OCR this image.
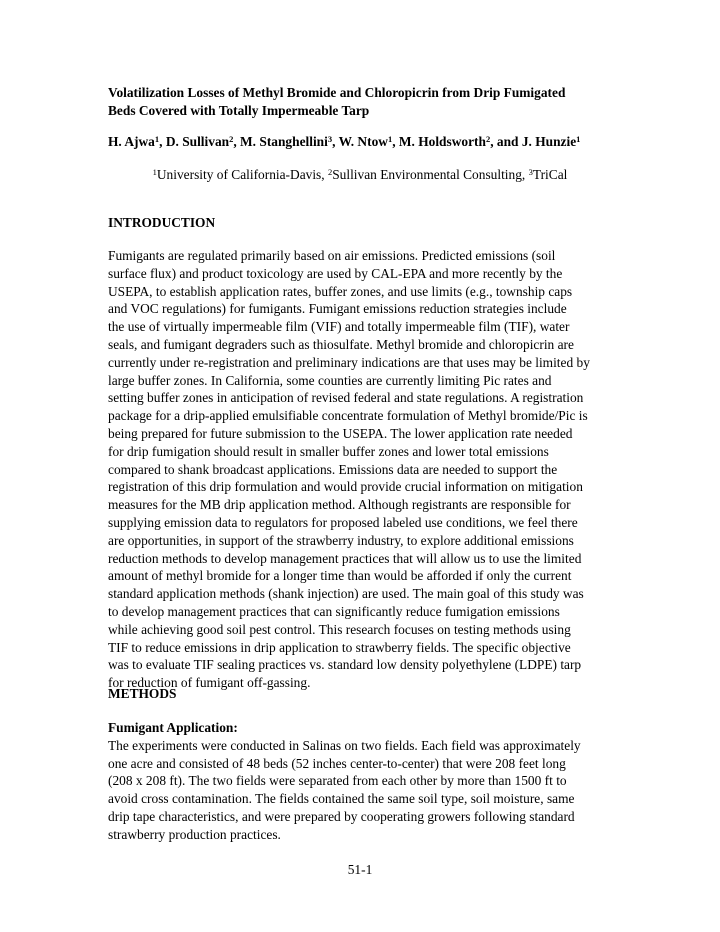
Volatilization Losses of Methyl Bromide and Chloropicrin from Drip Fumigated
Beds Covered with Totally Impermeable Tarp
H. Ajwa$^1$, D. Sullivan$^2$, M. Stanghellini$^3$, W. Ntow$^1$, M. Holdsworth$^2$, and J. Hunzie$^1$
$^1$University of California-Davis, $^2$Sullivan Environmental Consulting, $^3$TriCal
INTRODUCTION
Fumigants are regulated primarily based on air emissions. Predicted emissions (soil
surface flux) and product toxicology are used by CAL-EPA and more recently by the
USEPA, to establish application rates, buffer zones, and use limits (e.g., township caps
and VOC regulations) for fumigants. Fumigant emissions reduction strategies include
the use of virtually impermeable film (VIF) and totally impermeable film (TIF), water
seals, and fumigant degraders such as thiosulfate. Methyl bromide and chloropicrin are
currently under re-registration and preliminary indications are that uses may be limited by
large buffer zones. In California, some counties are currently limiting Pic rates and
setting buffer zones in anticipation of revised federal and state regulations. A registration
package for a drip-applied emulsifiable concentrate formulation of Methyl bromide/Pic is
being prepared for future submission to the USEPA. The lower application rate needed
for drip fumigation should result in smaller buffer zones and lower total emissions
compared to shank broadcast applications. Emissions data are needed to support the
registration of this drip formulation and would provide crucial information on mitigation
measures for the MB drip application method. Although registrants are responsible for
supplying emission data to regulators for proposed labeled use conditions, we feel there
are opportunities, in support of the strawberry industry, to explore additional emissions
reduction methods to develop management practices that will allow us to use the limited
amount of methyl bromide for a longer time than would be afforded if only the current
standard application methods (shank injection) are used. The main goal of this study was
to develop management practices that can significantly reduce fumigation emissions
while achieving good soil pest control. This research focuses on testing methods using
TIF to reduce emissions in drip application to strawberry fields. The specific objective
was to evaluate TIF sealing practices vs. standard low density polyethylene (LDPE) tarp
for reduction of fumigant off-gassing.
METHODS
Fumigant Application:
The experiments were conducted in Salinas on two fields. Each field was approximately
one acre and consisted of 48 beds (52 inches center-to-center) that were 208 feet long
(208 x 208 ft). The two fields were separated from each other by more than 1500 ft to
avoid cross contamination. The fields contained the same soil type, soil moisture, same
drip tape characteristics, and were prepared by cooperating growers following standard
strawberry production practices.
51-1
